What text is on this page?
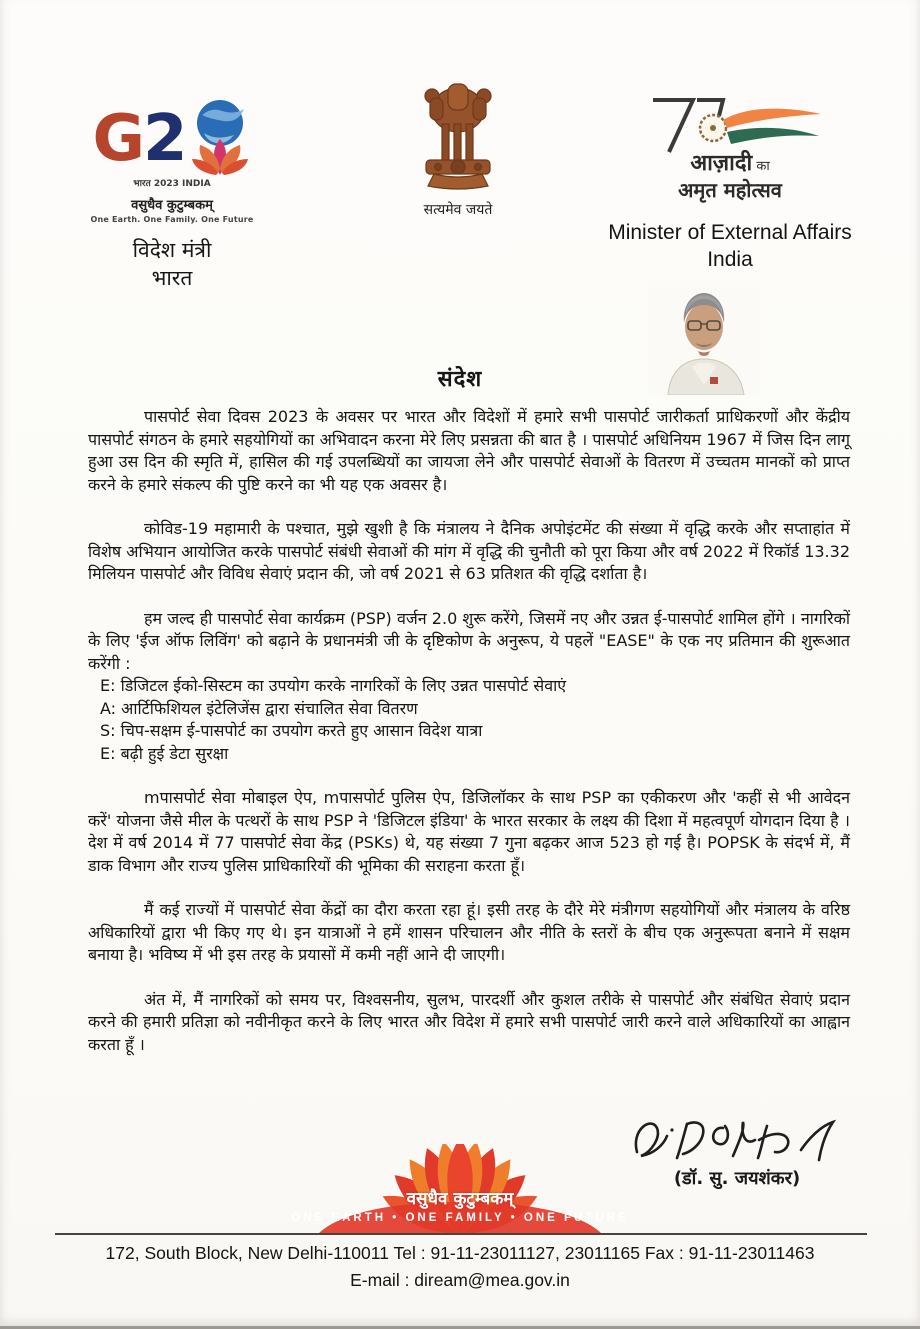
G 2
भारत 2023 INDIA
वसुधैव कुटुम्बकम्
One Earth. One Family. One Future
विदेश मंत्री
भारत
सत्यमेव जयते
आज़ादी का
अमृत महोत्सव
Minister of External Affairs
India
संदेश

पासपोर्ट सेवा दिवस 2023 के अवसर पर भारत और विदेशों में हमारे सभी पासपोर्ट जारीकर्ता प्राधिकरणों और केंद्रीय पासपोर्ट संगठन के हमारे सहयोगियों का अभिवादन करना मेरे लिए प्रसन्नता की बात है । पासपोर्ट अधिनियम 1967 में जिस दिन लागू हुआ उस दिन की स्मृति में, हासिल की गई उपलब्धियों का जायजा लेने और पासपोर्ट सेवाओं के वितरण में उच्चतम मानकों को प्राप्त करने के हमारे संकल्प की पुष्टि करने का भी यह एक अवसर है।

कोविड-19 महामारी के पश्चात, मुझे खुशी है कि मंत्रालय ने दैनिक अपोइंटमेंट की संख्या में वृद्धि करके और सप्ताहांत में विशेष अभियान आयोजित करके पासपोर्ट संबंधी सेवाओं की मांग में वृद्धि की चुनौती को पूरा किया और वर्ष 2022 में रिकॉर्ड 13.32 मिलियन पासपोर्ट और विविध सेवाएं प्रदान की, जो वर्ष 2021 से 63 प्रतिशत की वृद्धि दर्शाता है।

हम जल्द ही पासपोर्ट सेवा कार्यक्रम (PSP) वर्जन 2.0 शुरू करेंगे, जिसमें नए और उन्नत ई-पासपोर्ट शामिल होंगे । नागरिकों के लिए 'ईज ऑफ लिविंग' को बढ़ाने के प्रधानमंत्री जी के दृष्टिकोण के अनुरूप, ये पहलें "EASE" के एक नए प्रतिमान की शुरूआत करेंगी :

E: डिजिटल ईको-सिस्टम का उपयोग करके नागरिकों के लिए उन्नत पासपोर्ट सेवाएं
A: आर्टिफिशियल इंटेलिजेंस द्वारा संचालित सेवा वितरण
S: चिप-सक्षम ई-पासपोर्ट का उपयोग करते हुए आसान विदेश यात्रा
E: बढ़ी हुई डेटा सुरक्षा

mपासपोर्ट सेवा मोबाइल ऐप, mपासपोर्ट पुलिस ऐप, डिजिलॉकर के साथ PSP का एकीकरण और 'कहीं से भी आवेदन करें' योजना जैसे मील के पत्थरों के साथ PSP ने 'डिजिटल इंडिया' के भारत सरकार के लक्ष्य की दिशा में महत्वपूर्ण योगदान दिया है । देश में वर्ष 2014 में 77 पासपोर्ट सेवा केंद्र (PSKs) थे, यह संख्या 7 गुना बढ़कर आज 523 हो गई है। POPSK के संदर्भ में, मैं डाक विभाग और राज्य पुलिस प्राधिकारियों की भूमिका की सराहना करता हूँ।

मैं कई राज्यों में पासपोर्ट सेवा केंद्रों का दौरा करता रहा हूं। इसी तरह के दौरे मेरे मंत्रीगण सहयोगियों और मंत्रालय के वरिष्ठ अधिकारियों द्वारा भी किए गए थे। इन यात्राओं ने हमें शासन परिचालन और नीति के स्तरों के बीच एक अनुरूपता बनाने में सक्षम बनाया है। भविष्य में भी इस तरह के प्रयासों में कमी नहीं आने दी जाएगी।

अंत में, मैं नागरिकों को समय पर, विश्वसनीय, सुलभ, पारदर्शी और कुशल तरीके से पासपोर्ट और संबंधित सेवाएं प्रदान करने की हमारी प्रतिज्ञा को नवीनीकृत करने के लिए भारत और विदेश में हमारे सभी पासपोर्ट जारी करने वाले अधिकारियों का आह्वान करता हूँ ।

(डॉ. सु. जयशंकर)
वसुधैव कुटुम्बकम्
ONE EARTH • ONE FAMILY • ONE FUTURE
172, South Block, New Delhi-110011 Tel : 91-11-23011127, 23011165 Fax : 91-11-23011463
E-mail : diream@mea.gov.in
